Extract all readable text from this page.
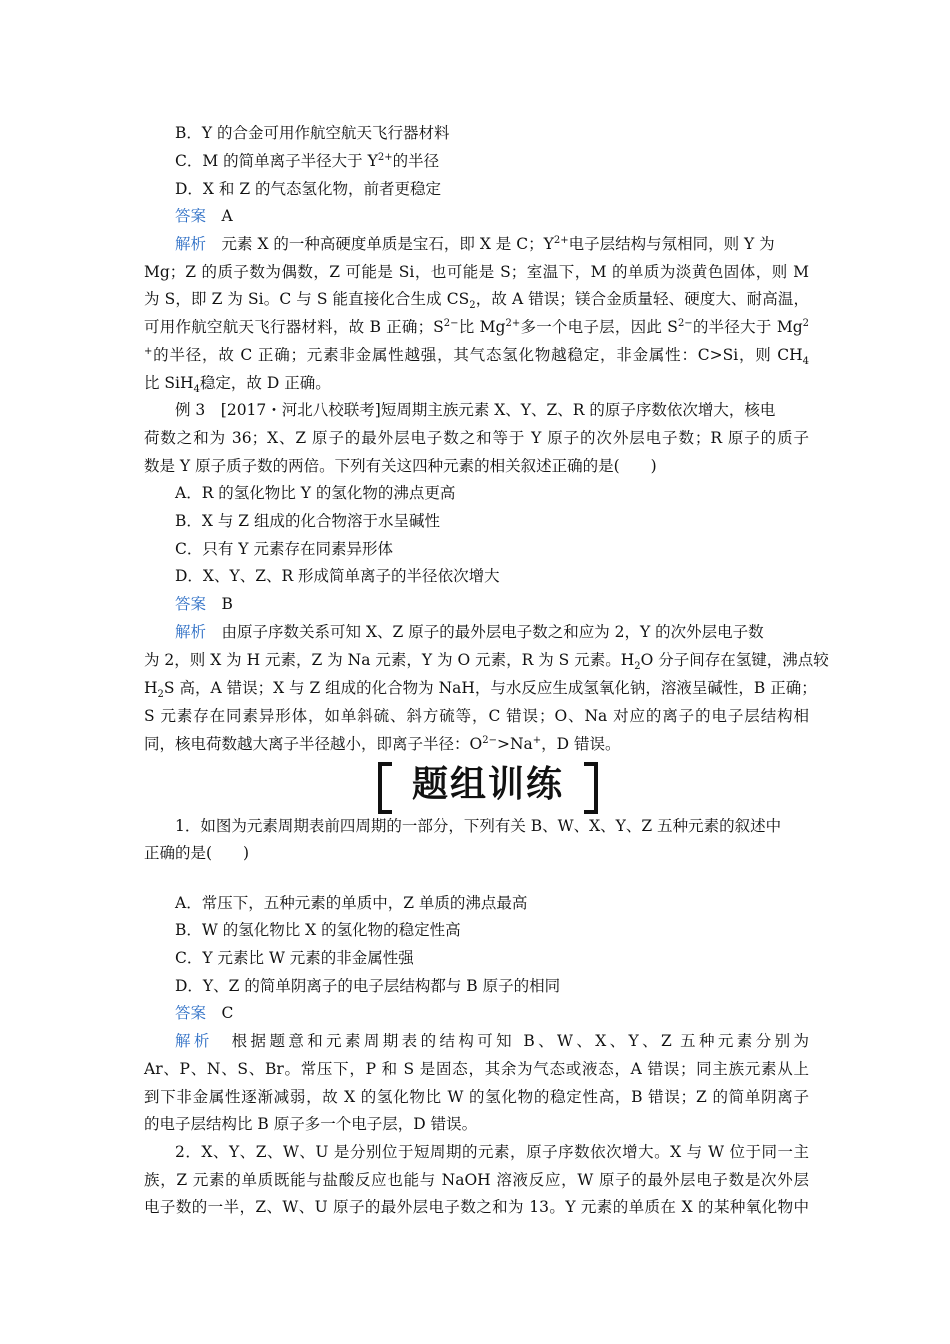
B．Y 的合金可用作航空航天飞行器材料
C．M 的简单离子半径大于 $Y^{2+}$的半径
D．X 和 Z 的气态氢化物，前者更稳定
答案　 A
解析　 元素 X 的一种高硬度单质是宝石，即 X 是 C；$Y^{2+}$电子层结构与氖相同，则 Y 为
Mg；Z 的质子数为偶数，Z 可能是 Si，也可能是 S；室温下，M 的单质为淡黄色固体，则 M
为 S，即 Z 为 Si。C 与 S 能直接化合生成 $CS_2$，故 A 错误；镁合金质量轻、硬度大、耐高温，
可用作航空航天飞行器材料，故 B 正确；$S^{2-}$比 $Mg^{2+}$多一个电子层，因此 $S^{2-}$的半径大于 Mg$^2$
+的半径，故 C 正确；元素非金属性越强，其气态氢化物越稳定，非金属性：C>Si，则 $CH_4$
比 SiH$_4$稳定，故 D 正确。
例 3　[2017・河北八校联考]短周期主族元素 X、Y、Z、R 的原子序数依次增大，核电
荷数之和为 36；X、Z 原子的最外层电子数之和等于 Y 原子的次外层电子数；R 原子的质子
数是 Y 原子质子数的两倍。下列有关这四种元素的相关叙述正确的是(　　)
A．R 的氢化物比 Y 的氢化物的沸点更高
B．X 与 Z 组成的化合物溶于水呈碱性
C．只有 Y 元素存在同素异形体
D．X、Y、Z、R 形成简单离子的半径依次增大
答案　 B
解析　 由原子序数关系可知 X、Z 原子的最外层电子数之和应为 2，Y 的次外层电子数
为 2，则 X 为 H 元素，Z 为 Na 元素，Y 为 O 元素，R 为 S 元素。$H_2O$ 分子间存在氢键，沸点较
$H_2S$ 高，A 错误；X 与 Z 组成的化合物为 NaH，与水反应生成氢氧化钠，溶液呈碱性，B 正确；
S 元素存在同素异形体，如单斜硫、斜方硫等，C 错误；O、Na 对应的离子的电子层结构相
同，核电荷数越大离子半径越小，即离子半径：$O^{2-}>Na^+$，D 错误。
题组训练
1．如图为元素周期表前四周期的一部分，下列有关 B、W、X、Y、Z 五种元素的叙述中
正确的是(　　)
A．常压下，五种元素的单质中，Z 单质的沸点最高
B．W 的氢化物比 X 的氢化物的稳定性高
C．Y 元素比 W 元素的非金属性强
D．Y、Z 的简单阴离子的电子层结构都与 B 原子的相同
答案　 C
解析　 根据题意和元素周期表的结构可知 B、W、X、Y、Z 五种元素分别为
Ar、P、N、S、Br。常压下，P 和 S 是固态，其余为气态或液态，A 错误；同主族元素从上
到下非金属性逐渐减弱，故 X 的氢化物比 W 的氢化物的稳定性高，B 错误；Z 的简单阴离子
的电子层结构比 B 原子多一个电子层，D 错误。
2．X、Y、Z、W、U 是分别位于短周期的元素，原子序数依次增大。X 与 W 位于同一主
族，Z 元素的单质既能与盐酸反应也能与 NaOH 溶液反应，W 原子的最外层电子数是次外层
电子数的一半，Z、W、U 原子的最外层电子数之和为 13。Y 元素的单质在 X 的某种氧化物中
